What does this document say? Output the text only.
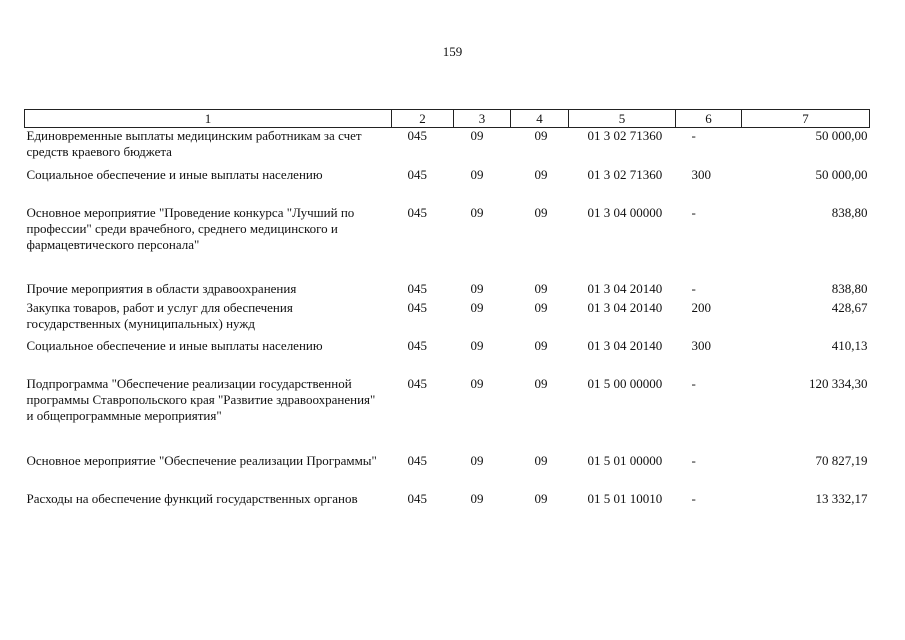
159
1	2	3	4	5	6	7
Единовременные выплаты медицинским работникам за счет средств краевого бюджета	045	09	09	01 3 02 71360	-	50 000,00
Социальное обеспечение и иные выплаты населению	045	09	09	01 3 02 71360	300	50 000,00
Основное мероприятие "Проведение конкурса "Лучший по профессии" среди врачебного, среднего медицинского и фармацевтического персонала"	045	09	09	01 3 04 00000	-	838,80
Прочие мероприятия в области здравоохранения	045	09	09	01 3 04 20140	-	838,80
Закупка товаров, работ и услуг для обеспечения государственных (муниципальных) нужд	045	09	09	01 3 04 20140	200	428,67
Социальное обеспечение и иные выплаты населению	045	09	09	01 3 04 20140	300	410,13
Подпрограмма "Обеспечение реализации государственной программы Ставропольского края "Развитие здравоохранения" и общепрограммные мероприятия"	045	09	09	01 5 00 00000	-	120 334,30
Основное мероприятие "Обеспечение реализации Программы"	045	09	09	01 5 01 00000	-	70 827,19
Расходы на обеспечение функций государственных органов	045	09	09	01 5 01 10010	-	13 332,17
